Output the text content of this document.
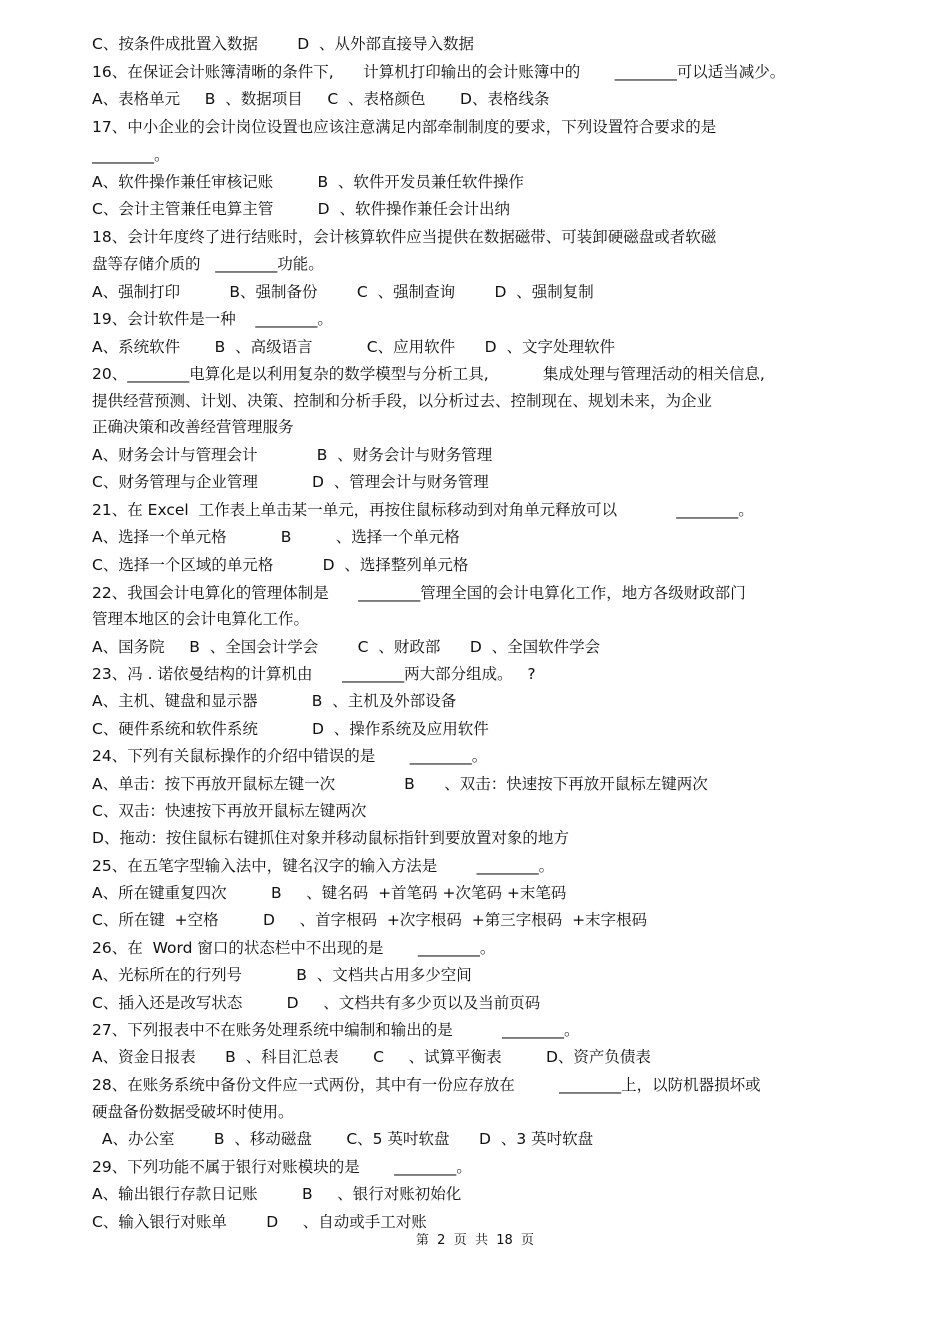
C、按条件成批置入数据        D  、从外部直接导入数据
16、在保证会计账簿清晰的条件下,      计算机打印输出的会计账簿中的       ________可以适当减少。
A、表格单元     B  、数据项目     C  、表格颜色       D、表格线条
17、中小企业的会计岗位设置也应该注意满足内部牵制制度的要求，下列设置符合要求的是
________。
A、软件操作兼任审核记账         B  、软件开发员兼任软件操作
C、会计主管兼任电算主管         D  、软件操作兼任会计出纳
18、会计年度终了进行结账时，会计核算软件应当提供在数据磁带、可装卸硬磁盘或者软磁
盘等存储介质的   ________功能。
A、强制打印          B、强制备份        C  、强制查询        D  、强制复制
19、会计软件是一种    ________。
A、系统软件       B  、高级语言           C、应用软件      D  、文字处理软件
20、________电算化是以利用复杂的数学模型与分析工具,           集成处理与管理活动的相关信息,
提供经营预测、计划、决策、控制和分析手段，以分析过去、控制现在、规划未来，为企业
正确决策和改善经营管理服务
A、财务会计与管理会计            B  、财务会计与财务管理
C、财务管理与企业管理           D  、管理会计与财务管理
21、在 Excel  工作表上单击某一单元，再按住鼠标移动到对角单元释放可以            ________。
A、选择一个单元格           B         、选择一个单元格
C、选择一个区域的单元格          D  、选择整列单元格
22、我国会计电算化的管理体制是      ________管理全国的会计电算化工作，地方各级财政部门
管理本地区的会计电算化工作。
A、国务院     B  、全国会计学会        C  、财政部      D  、全国软件学会
23、冯 . 诺依曼结构的计算机由      ________两大部分组成。   ?
A、主机、键盘和显示器           B  、主机及外部设备
C、硬件系统和软件系统           D  、操作系统及应用软件
24、下列有关鼠标操作的介绍中错误的是       ________。
A、单击：按下再放开鼠标左键一次              B      、双击：快速按下再放开鼠标左键两次
C、双击：快速按下再放开鼠标左键两次
D、拖动：按住鼠标右键抓住对象并移动鼠标指针到要放置对象的地方
25、在五笔字型输入法中，键名汉字的输入方法是        ________。
A、所在键重复四次         B     、键名码  +首笔码 +次笔码 +末笔码
C、所在键  +空格         D     、首字根码  +次字根码  +第三字根码  +末字根码
26、在  Word 窗口的状态栏中不出现的是       ________。
A、光标所在的行列号           B  、文档共占用多少空间
C、插入还是改写状态         D     、文档共有多少页以及当前页码
27、下列报表中不在账务处理系统中编制和输出的是          ________。
A、资金日报表      B  、科目汇总表       C     、试算平衡表         D、资产负债表
28、在账务系统中备份文件应一式两份，其中有一份应存放在         ________上，以防机器损坏或
硬盘备份数据受破坏时使用。
A、办公室        B  、移动磁盘       C、5 英吋软盘      D  、3 英吋软盘
29、下列功能不属于银行对账模块的是       ________。
A、输出银行存款日记账         B     、银行对账初始化
C、输入银行对账单        D     、自动或手工对账
第  2  页  共  18  页
